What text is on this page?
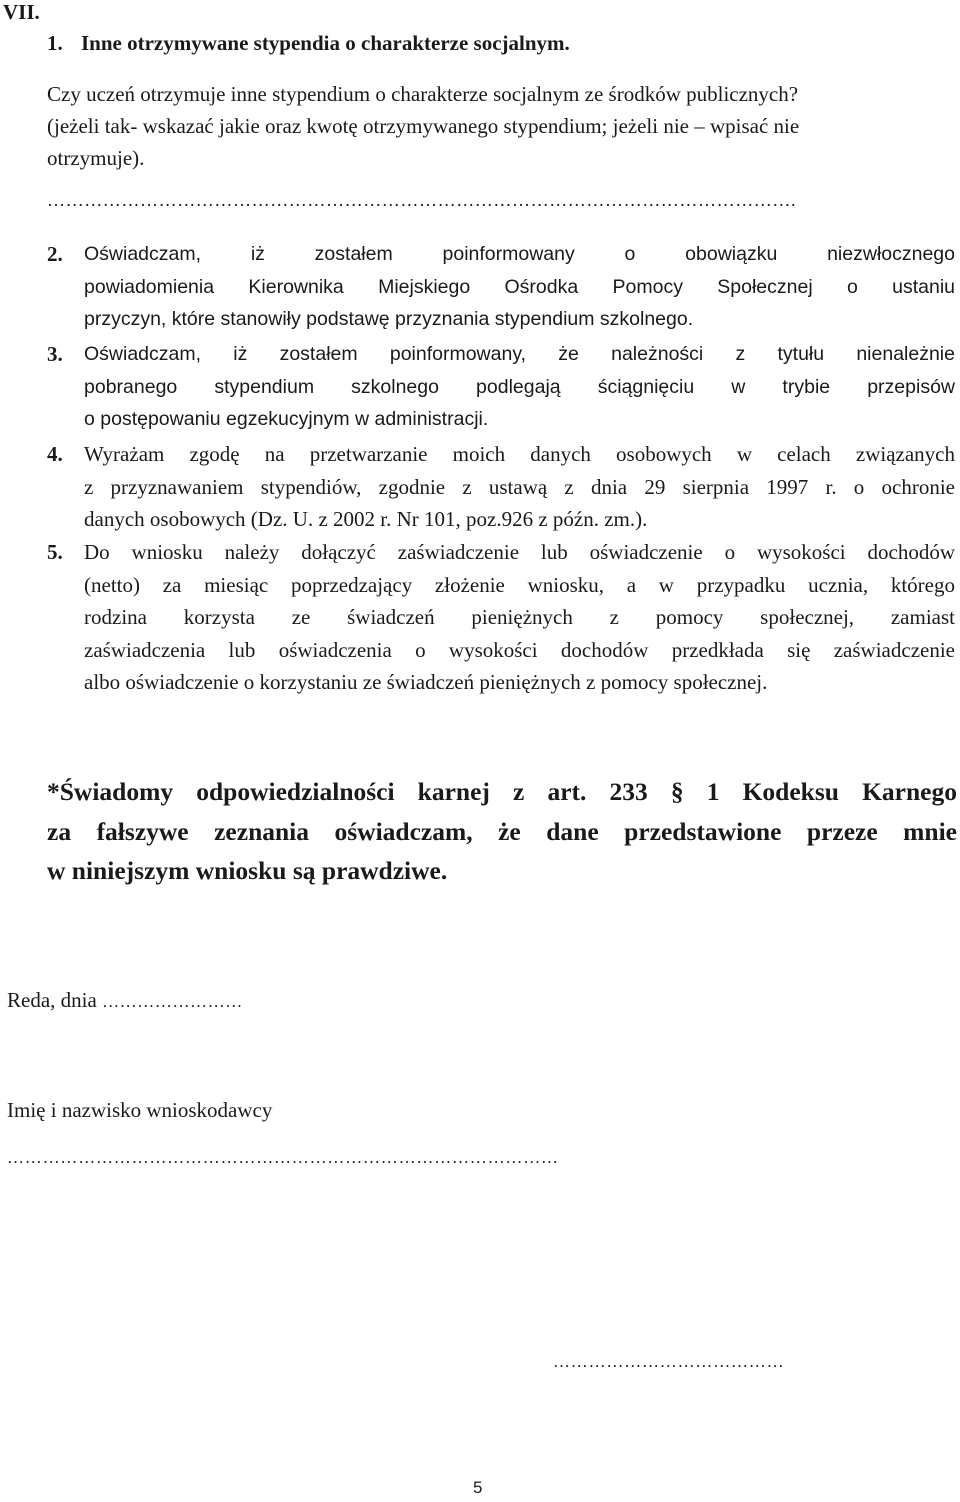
VII.
1. Inne otrzymywane stypendia o charakterze socjalnym.
Czy uczeń otrzymuje inne stypendium o charakterze socjalnym ze środków publicznych?
(jeżeli tak- wskazać jakie oraz kwotę otrzymywanego stypendium; jeżeli nie – wpisać nie
otrzymuje).
………………………………………………………………………………………………………….
2. Oświadczam, iż zostałem poinformowany o obowiązku niezwłocznego
powiadomienia Kierownika Miejskiego Ośrodka Pomocy Społecznej o ustaniu
przyczyn, które stanowiły podstawę przyznania stypendium szkolnego.
3. Oświadczam, iż zostałem poinformowany, że należności z tytułu nienależnie
pobranego stypendium szkolnego podlegają ściągnięciu w trybie przepisów
o postępowaniu egzekucyjnym w administracji.
4. Wyrażam zgodę na przetwarzanie moich danych osobowych w celach związanych
z przyznawaniem stypendiów, zgodnie z ustawą z dnia 29 sierpnia 1997 r. o ochronie
danych osobowych (Dz. U. z 2002 r. Nr 101, poz.926 z późn. zm.).
5. Do wniosku należy dołączyć zaświadczenie lub oświadczenie o wysokości dochodów
(netto) za miesiąc poprzedzający złożenie wniosku, a w przypadku ucznia, którego
rodzina korzysta ze świadczeń pieniężnych z pomocy społecznej, zamiast
zaświadczenia lub oświadczenia o wysokości dochodów przedkłada się zaświadczenie
albo oświadczenie o korzystaniu ze świadczeń pieniężnych z pomocy społecznej.
*Świadomy odpowiedzialności karnej z art. 233 § 1 Kodeksu Karnego
za fałszywe zeznania oświadczam, że dane przedstawione przeze mnie
w niniejszym wniosku są prawdziwe.
Reda, dnia ……………………
Imię i nazwisko wnioskodawcy
…………………………………………………………………………………
…………………………………
5
